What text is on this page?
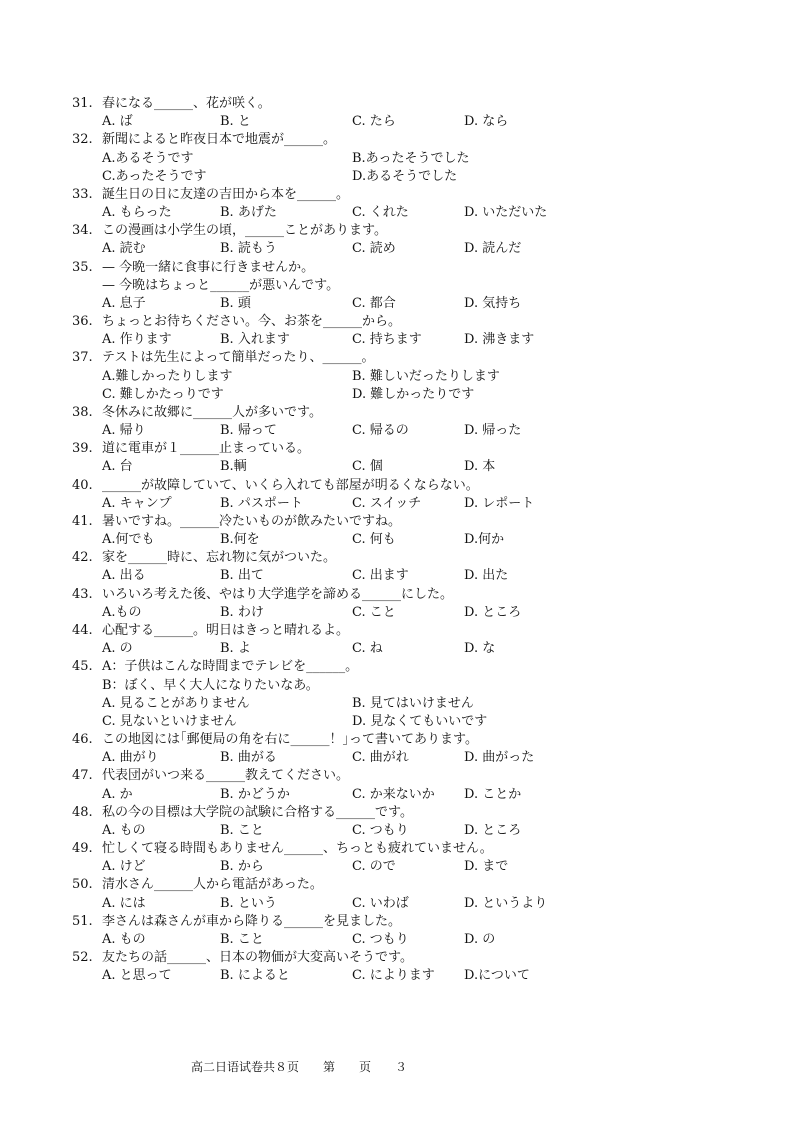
31. 春になる______、花が咲く。
A. ば	B. と	C. たら	D. なら
32. 新聞によると昨夜日本で地震が______。
A.あるそうです	B.あったそうでした
C.あったそうです	D.あるそうでした
33. 誕生日の日に友達の吉田から本を______。
A. もらった	B. あげた	C. くれた	D. いただいた
34. この漫画は小学生の頃，______ことがあります。
A. 読む	B. 読もう	C. 読め	D. 読んだ
35. — 今晩一緒に食事に行きませんか。
— 今晩はちょっと______が悪いんです。
A. 息子	B. 頭	C. 都合	D. 気持ち
36. ちょっとお待ちください。今、お茶を______から。
A. 作ります	B. 入れます	C. 持ちます	D. 沸きます
37. テストは先生によって簡単だったり、______。
A.難しかったりします	B. 難しいだったりします
C. 難しかたっりです	D. 難しかったりです
38. 冬休みに故郷に______人が多いです。
A. 帰り	B. 帰って	C. 帰るの	D. 帰った
39. 道に電車が１______止まっている。
A. 台	B.輌	C. 個	D. 本
40. ______が故障していて、いくら入れても部屋が明るくならない。
A. キャンプ	B. パスポート	C. スイッチ	D. レポート
41. 暑いですね。______冷たいものが飲みたいですね。
A.何でも	B.何を	C. 何も	D.何か
42. 家を______時に、忘れ物に気がついた。
A. 出る	B. 出て	C. 出ます	D. 出た
43. いろいろ考えた後、やはり大学進学を諦める______にした。
A.もの	B. わけ	C. こと	D. ところ
44. 心配する______。明日はきっと晴れるよ。
A. の	B. よ	C. ね	D. な
45. A：子供はこんな時間までテレビを______。
B：ぼく、早く大人になりたいなあ。
A. 見ることがありません	B. 見てはいけません
C. 見ないといけません	D. 見なくてもいいです
46. この地図には｢郵便局の角を右に______！｣って書いてあります。
A. 曲がり	B. 曲がる	C. 曲がれ	D. 曲がった
47. 代表団がいつ来る______教えてください。
A. か	B. かどうか	C. か来ないか D. ことか
48. 私の今の目標は大学院の試験に合格する______です。
A. もの	B. こと	C. つもり	D. ところ
49. 忙しくて寝る時間もありません______、ちっとも疲れていません。
A. けど	B. から	C. ので	D. まで
50. 清水さん______人から電話があった。
A. には	B. という	C. いわば	D. というより
51. 李さんは森さんが車から降りる______を見ました。
A. もの	B. こと	C. つもり	D. の
52. 友たちの話______、日本の物価が大変高いそうです。
A. と思って	B. によると	C. によります D.について
高二日语试卷共８页　　第　　页　　３
